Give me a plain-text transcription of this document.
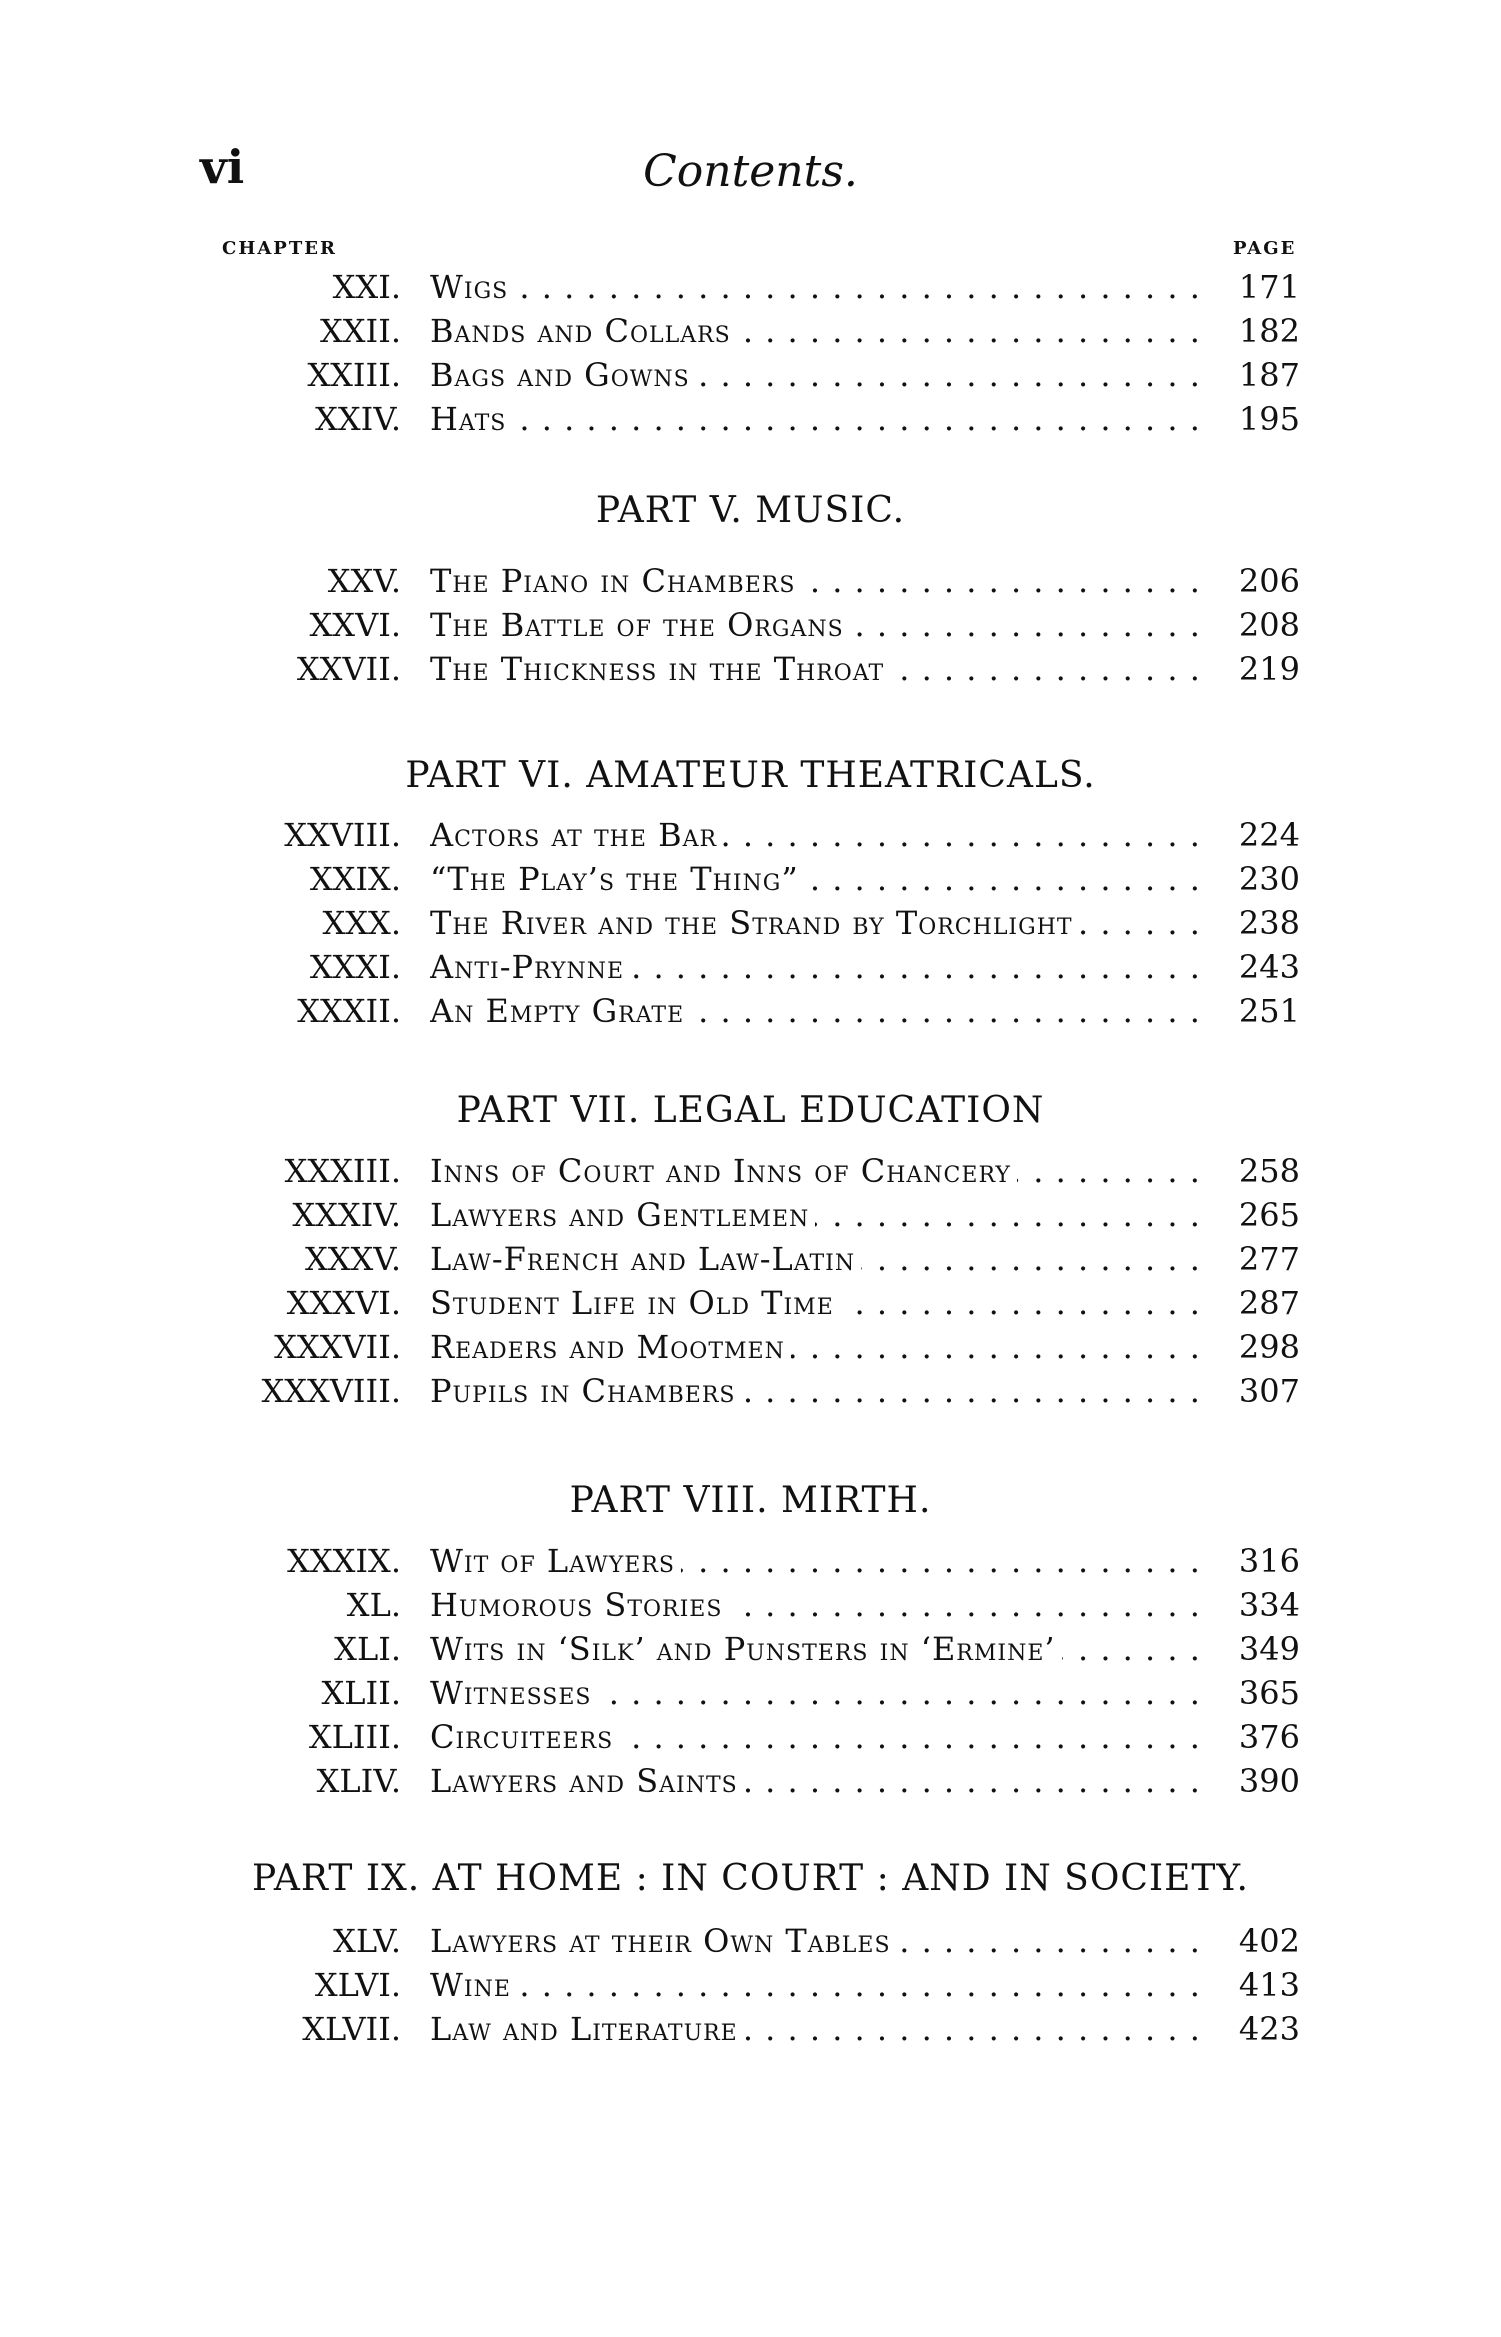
vi	Contents.
CHAPTER	PAGE
XXI. Wigs . . .	171
XXII. Bands and Collars . . .	182
XXIII. Bags and Gowns . . .	187
XXIV. Hats . . .	195
PART V. MUSIC.
XXV. The Piano in Chambers . . .	206
XXVI. The Battle of the Organs . . .	208
XXVII. The Thickness in the Throat . . .	219
PART VI. AMATEUR THEATRICALS.
XXVIII. Actors at the Bar . . .	224
XXIX. “The Play’s the Thing” . . .	230
XXX. The River and the Strand by Torchlight . . .	238
XXXI. Anti-Prynne . . .	243
XXXII. An Empty Grate . . .	251
PART VII. LEGAL EDUCATION
XXXIII. Inns of Court and Inns of Chancery . . .	258
XXXIV. Lawyers and Gentlemen . . .	265
XXXV. Law-French and Law-Latin . . .	277
XXXVI. Student Life in Old Time . . .	287
XXXVII. Readers and Mootmen . . .	298
XXXVIII. Pupils in Chambers . . .	307
PART VIII. MIRTH.
XXXIX. Wit of Lawyers . . .	316
XL. Humorous Stories . . .	334
XLI. Wits in ‘Silk’ and Punsters in ‘Ermine’ . . .	349
XLII. Witnesses . . .	365
XLIII. Circuiteers . . .	376
XLIV. Lawyers and Saints . . .	390
PART IX. AT HOME : IN COURT : AND IN SOCIETY.
XLV. Lawyers at their Own Tables . . .	402
XLVI. Wine . . .	413
XLVII. Law and Literature . . .	423
